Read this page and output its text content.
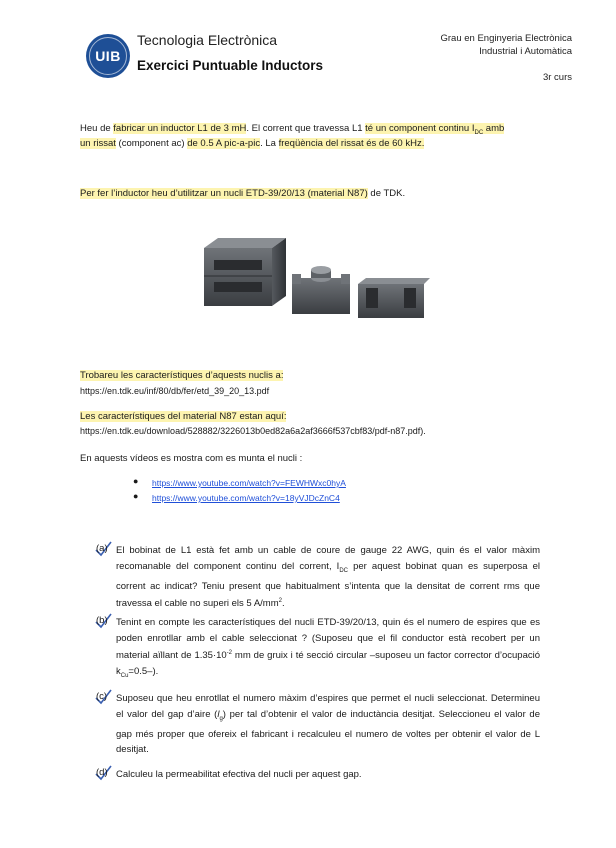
UIB
Tecnologia Electrònica
Exercici Puntuable Inductors
Grau en Enginyeria Electrònica
Industrial i Automàtica
3r curs
Heu de fabricar un inductor L1 de 3 mH. El corrent que travessa L1 té un component continu $I_{DC}$ amb
un rissat (component ac) de 0.5 A pic-a-pic. La freqüència del rissat és de 60 kHz.
Per fer l’inductor heu d’utilitzar un nucli ETD-39/20/13 (material N87) de TDK.
Trobareu les característiques d’aquests nuclis a:
https://en.tdk.eu/inf/80/db/fer/etd_39_20_13.pdf
Les característiques del material N87 estan aquí:
https://en.tdk.eu/download/528882/3226013b0ed82a6a2af3666f537cbf83/pdf-n87.pdf).
En aquests vídeos es mostra com es munta el nucli :
● https://www.youtube.com/watch?v=FEWHWxc0hyA
● https://www.youtube.com/watch?v=18yVJDcZnC4
(a) El bobinat de L1 està fet amb un cable de coure de gauge 22 AWG, quin és el valor màxim recomanable del component continu del corrent, $I_{DC}$ per aquest bobinat quan es superposa el corrent ac indicat? Teniu present que habitualment s’intenta que la densitat de corrent rms que travessa el cable no superi els 5 $A/mm^2$.
(b) Tenint en compte les característiques del nucli ETD-39/20/13, quin és el numero de espires que es poden enrotllar amb el cable seleccionat ? (Suposeu que el fil conductor està recobert per un material aïllant de $1.35\cdot 10^{-2}$ mm de gruix i té secció circular –suposeu un factor corrector d’ocupació $k_{Cu}=0.5-$).
(c) Suposeu que heu enrotllat el numero màxim d’espires que permet el nucli seleccionat. Determineu el valor del gap d’aire $(l_g)$ per tal d’obtenir el valor de inductància desitjat. Seleccioneu el valor de gap més proper que ofereix el fabricant i recalculeu el numero de voltes per obtenir el valor de L desitjat.
(d) Calculeu la permeabilitat efectiva del nucli per aquest gap.
